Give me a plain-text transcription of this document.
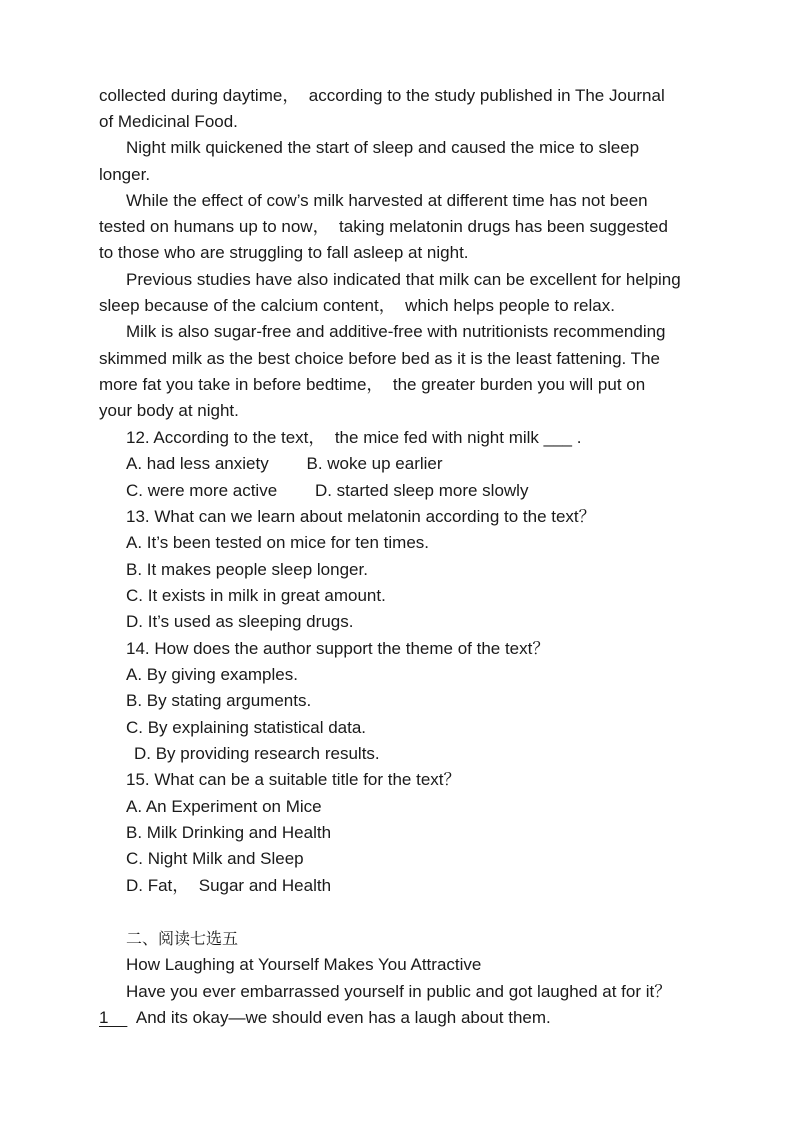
collected during daytime，  according to the study published in The Journal
of Medicinal Food.
Night milk quickened the start of sleep and caused the mice to sleep
longer.
While the effect of cow’s milk harvested at different time has not been
tested on humans up to now，  taking melatonin drugs has been suggested
to those who are struggling to fall asleep at night.
Previous studies have also indicated that milk can be excellent for helping
sleep because of the calcium content，  which helps people to relax.
Milk is also sugar-free and additive-free with nutritionists recommending
skimmed milk as the best choice before bed as it is the least fattening. The
more fat you take in before bedtime，  the greater burden you will put on
your body at night.
12. According to the text，  the mice fed with night milk ___ .
A. had less anxiety        B. woke up earlier
C. were more active        D. started sleep more slowly
13. What can we learn about melatonin according to the text？
A. It’s been tested on mice for ten times.
B. It makes people sleep longer.
C. It exists in milk in great amount.
D. It’s used as sleeping drugs.
14. How does the author support the theme of the text？
A. By giving examples.
B. By stating arguments.
C. By explaining statistical data.
D. By providing research results.
15. What can be a suitable title for the text？
A. An Experiment on Mice
B. Milk Drinking and Health
C. Night Milk and Sleep
D. Fat，  Sugar and Health
二、阅读七选五
How Laughing at Yourself Makes You Attractive
Have you ever embarrassed yourself in public and got laughed at for it？
1      And its okay—we should even has a laugh about them.
